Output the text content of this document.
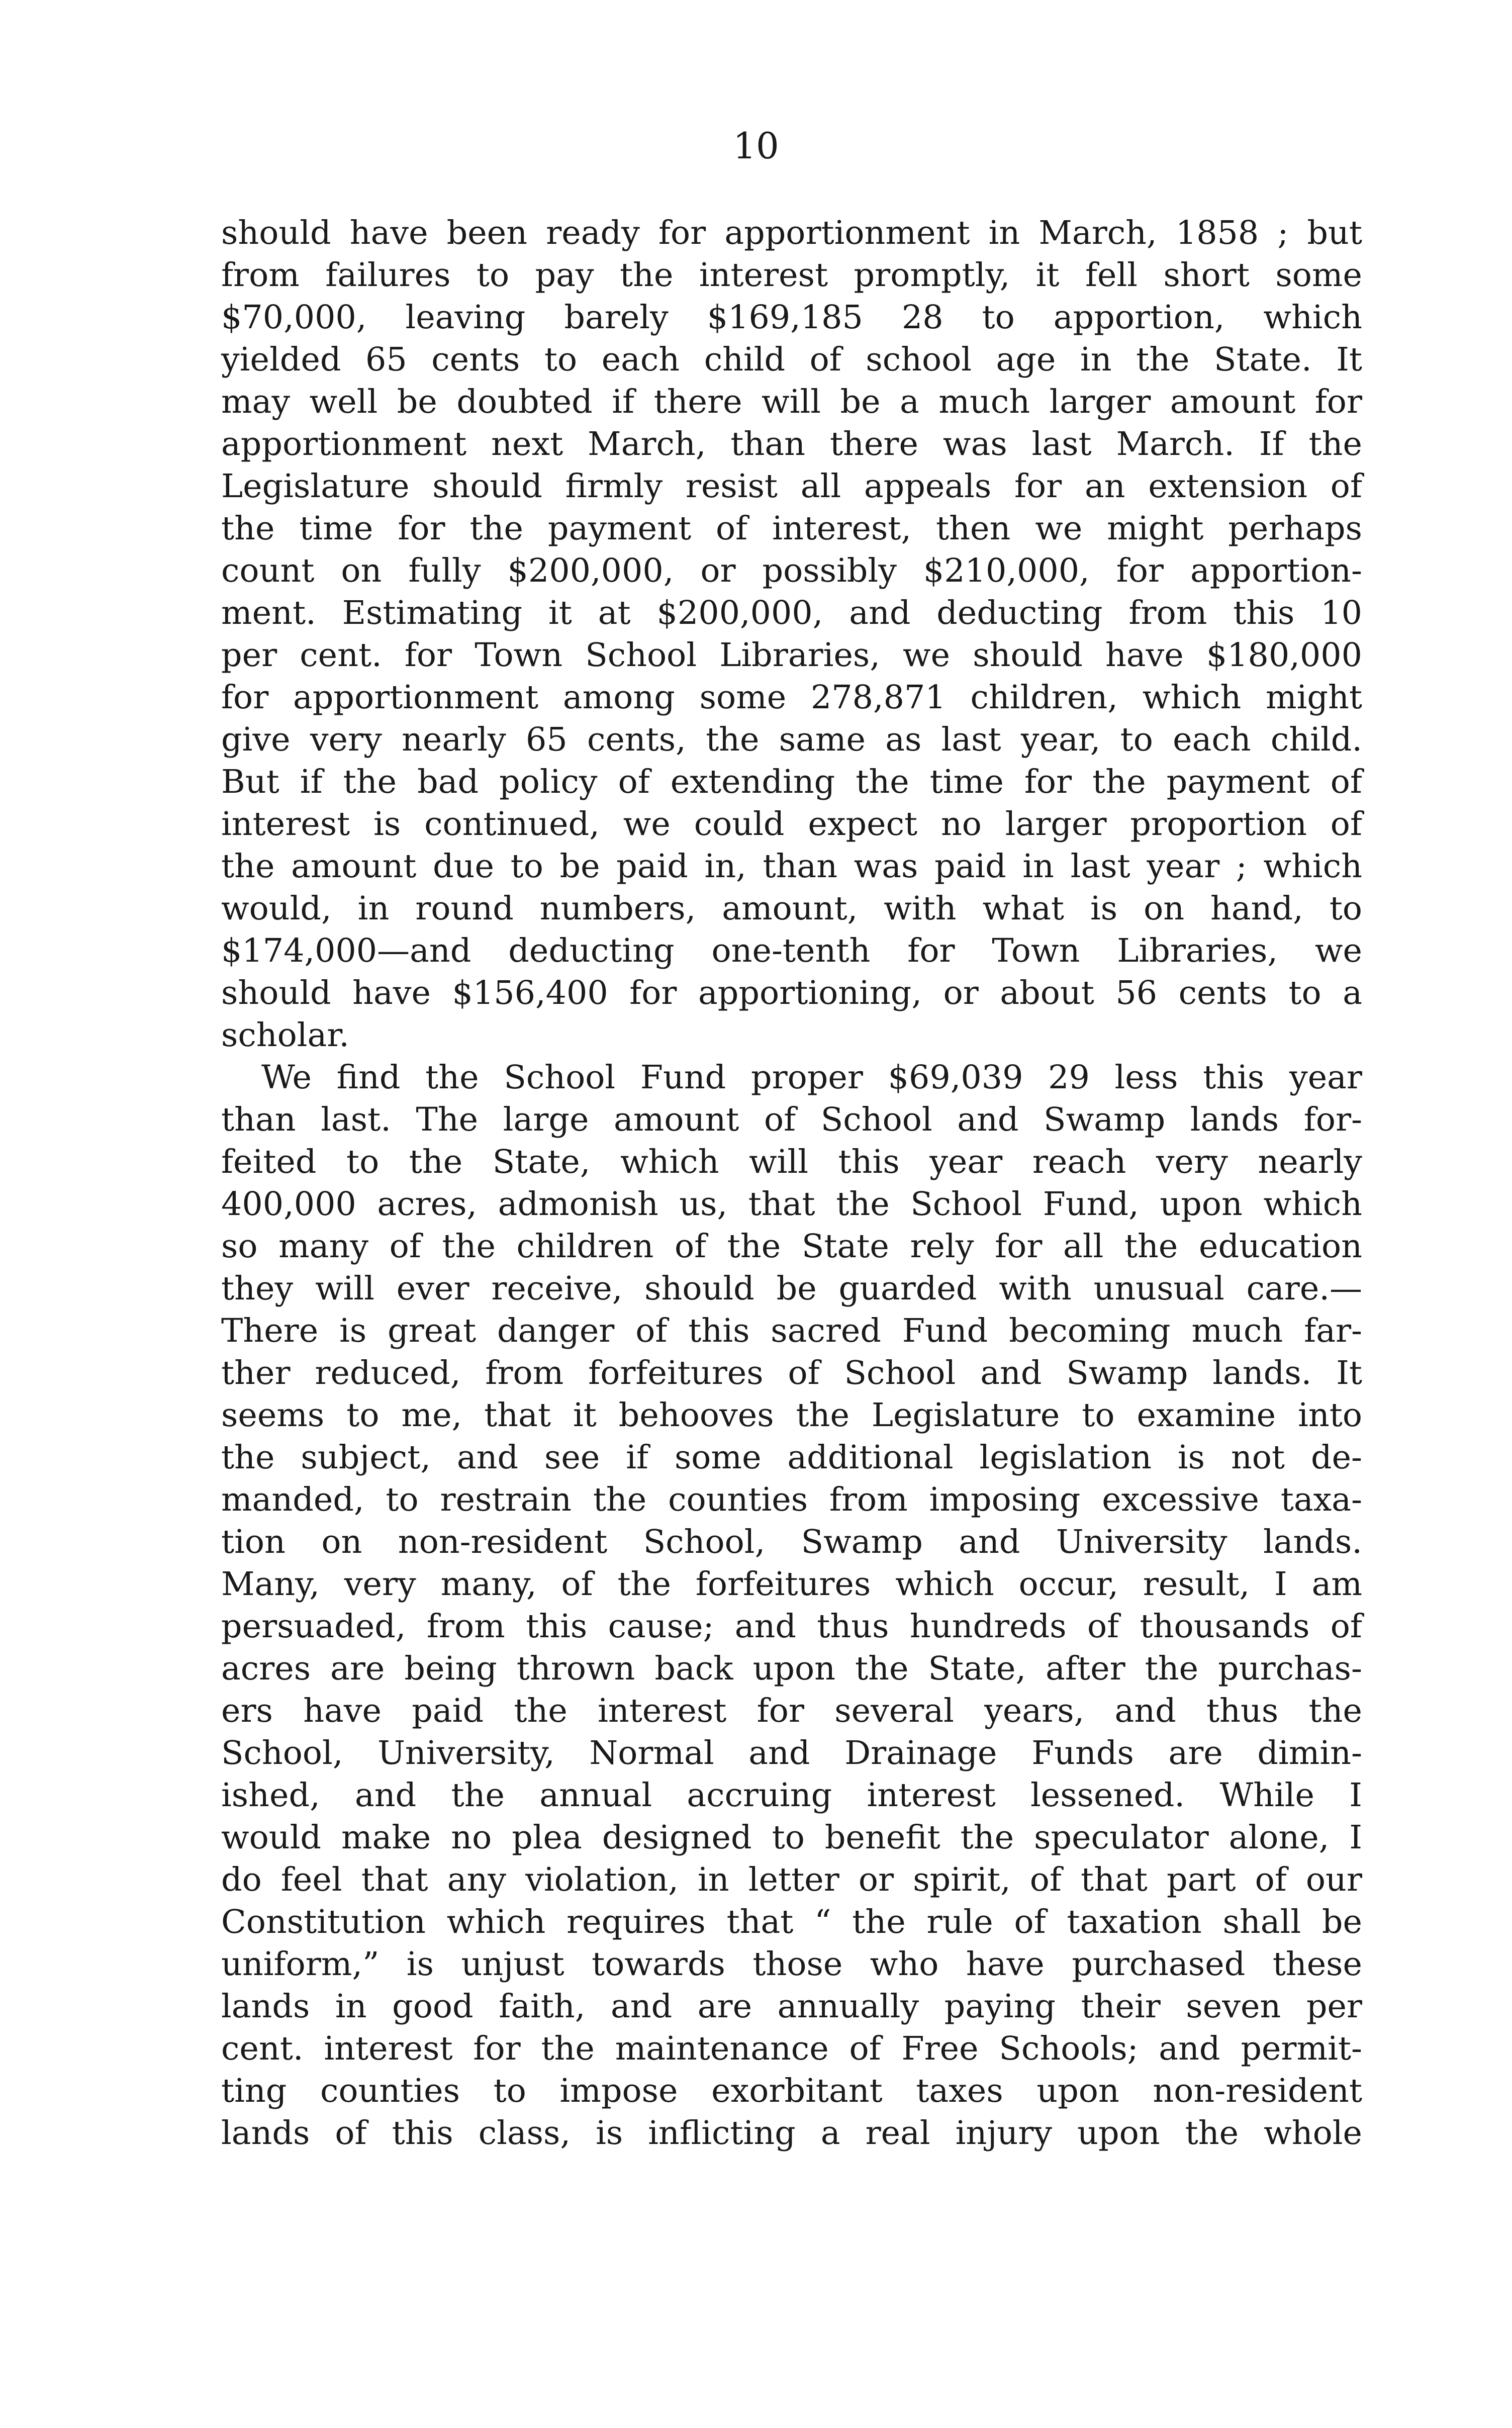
10
should have been ready for apportionment in March, 1858 ; but
from failures to pay the interest promptly, it fell short some
$70,000, leaving barely $169,185 28 to apportion, which
yielded 65 cents to each child of school age in the State. It
may well be doubted if there will be a much larger amount for
apportionment next March, than there was last March. If the
Legislature should firmly resist all appeals for an extension of
the time for the payment of interest, then we might perhaps
count on fully $200,000, or possibly $210,000, for apportion-
ment. Estimating it at $200,000, and deducting from this 10
per cent. for Town School Libraries, we should have $180,000
for apportionment among some 278,871 children, which might
give very nearly 65 cents, the same as last year, to each child.
But if the bad policy of extending the time for the payment of
interest is continued, we could expect no larger proportion of
the amount due to be paid in, than was paid in last year ; which
would, in round numbers, amount, with what is on hand, to
$174,000—and deducting one-tenth for Town Libraries, we
should have $156,400 for apportioning, or about 56 cents to a
scholar.
We find the School Fund proper $69,039 29 less this year
than last. The large amount of School and Swamp lands for-
feited to the State, which will this year reach very nearly
400,000 acres, admonish us, that the School Fund, upon which
so many of the children of the State rely for all the education
they will ever receive, should be guarded with unusual care.—
There is great danger of this sacred Fund becoming much far-
ther reduced, from forfeitures of School and Swamp lands. It
seems to me, that it behooves the Legislature to examine into
the subject, and see if some additional legislation is not de-
manded, to restrain the counties from imposing excessive taxa-
tion on non-resident School, Swamp and University lands.
Many, very many, of the forfeitures which occur, result, I am
persuaded, from this cause; and thus hundreds of thousands of
acres are being thrown back upon the State, after the purchas-
ers have paid the interest for several years, and thus the
School, University, Normal and Drainage Funds are dimin-
ished, and the annual accruing interest lessened. While I
would make no plea designed to benefit the speculator alone, I
do feel that any violation, in letter or spirit, of that part of our
Constitution which requires that “ the rule of taxation shall be
uniform,” is unjust towards those who have purchased these
lands in good faith, and are annually paying their seven per
cent. interest for the maintenance of Free Schools; and permit-
ting counties to impose exorbitant taxes upon non-resident
lands of this class, is inflicting a real injury upon the whole
